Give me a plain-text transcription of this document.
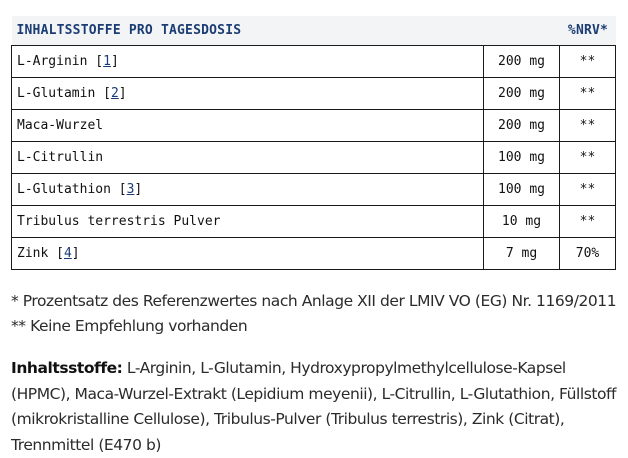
INHALTSSTOFFE PRO TAGESDOSIS		%NRV*
L-Arginin [1]	200 mg	**
L-Glutamin [2]	200 mg	**
Maca-Wurzel	200 mg	**
L-Citrullin	100 mg	**
L-Glutathion [3]	100 mg	**
Tribulus terrestris Pulver	10 mg	**
Zink [4]	7 mg	70%
* Prozentsatz des Referenzwertes nach Anlage XII der LMIV VO (EG) Nr. 1169/2011
** Keine Empfehlung vorhanden
Inhaltsstoffe: L-Arginin, L-Glutamin, Hydroxypropylmethylcellulose-Kapsel (HPMC), Maca-Wurzel-Extrakt (Lepidium meyenii), L-Citrullin, L-Glutathion, Füllstoff (mikrokristalline Cellulose), Tribulus-Pulver (Tribulus terrestris), Zink (Citrat), Trennmittel (E470 b)
